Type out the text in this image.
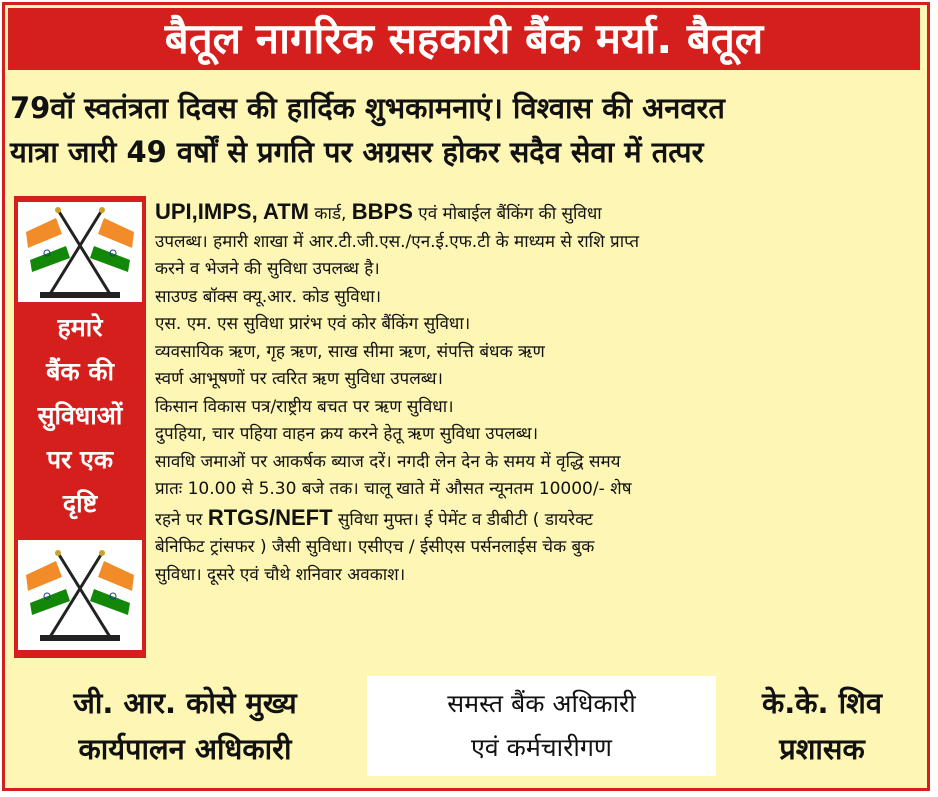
बैतूल नागरिक सहकारी बैंक मर्या. बैतूल
79वॉ स्वतंत्रता दिवस की हार्दिक शुभकामनाएं। विश्वास की अनवरत
यात्रा जारी 49 वर्षों से प्रगति पर अग्रसर होकर सदैव सेवा में तत्पर
हमारे
बैंक की
सुविधाओं
पर एक
दृष्टि
UPI,IMPS, ATM कार्ड, BBPS एवं मोबाईल बैंकिंग की सुविधा
उपलब्ध। हमारी शाखा में आर.टी.जी.एस./एन.ई.एफ.टी के माध्यम से राशि प्राप्त
करने व भेजने की सुविधा उपलब्ध है।
साउण्ड बॉक्स क्यू.आर. कोड सुविधा।
एस. एम. एस सुविधा प्रारंभ एवं कोर बैंकिंग सुविधा।
व्यवसायिक ऋण, गृह ऋण, साख सीमा ऋण, संपत्ति बंधक ऋण
स्वर्ण आभूषणों पर त्वरित ऋण सुविधा उपलब्ध।
किसान विकास पत्र/राष्ट्रीय बचत पर ऋण सुविधा।
दुपहिया, चार पहिया वाहन क्रय करने हेतू ऋण सुविधा उपलब्ध।
सावधि जमाओं पर आकर्षक ब्याज दरें। नगदी लेन देन के समय में वृद्धि समय
प्रातः 10.00 से 5.30 बजे तक। चालू खाते में औसत न्यूनतम 10000/- शेष
रहने पर RTGS/NEFT सुविधा मुफ्त। ई पेमेंट व डीबीटी ( डायरेक्ट
बेनिफिट ट्रांसफर ) जैसी सुविधा। एसीएच / ईसीएस पर्सनलाईस चेक बुक
सुविधा। दूसरे एवं चौथे शनिवार अवकाश।
जी. आर. कोसे मुख्य
कार्यपालन अधिकारी
समस्त बैंक अधिकारी
एवं कर्मचारीगण
के.के. शिव
प्रशासक
